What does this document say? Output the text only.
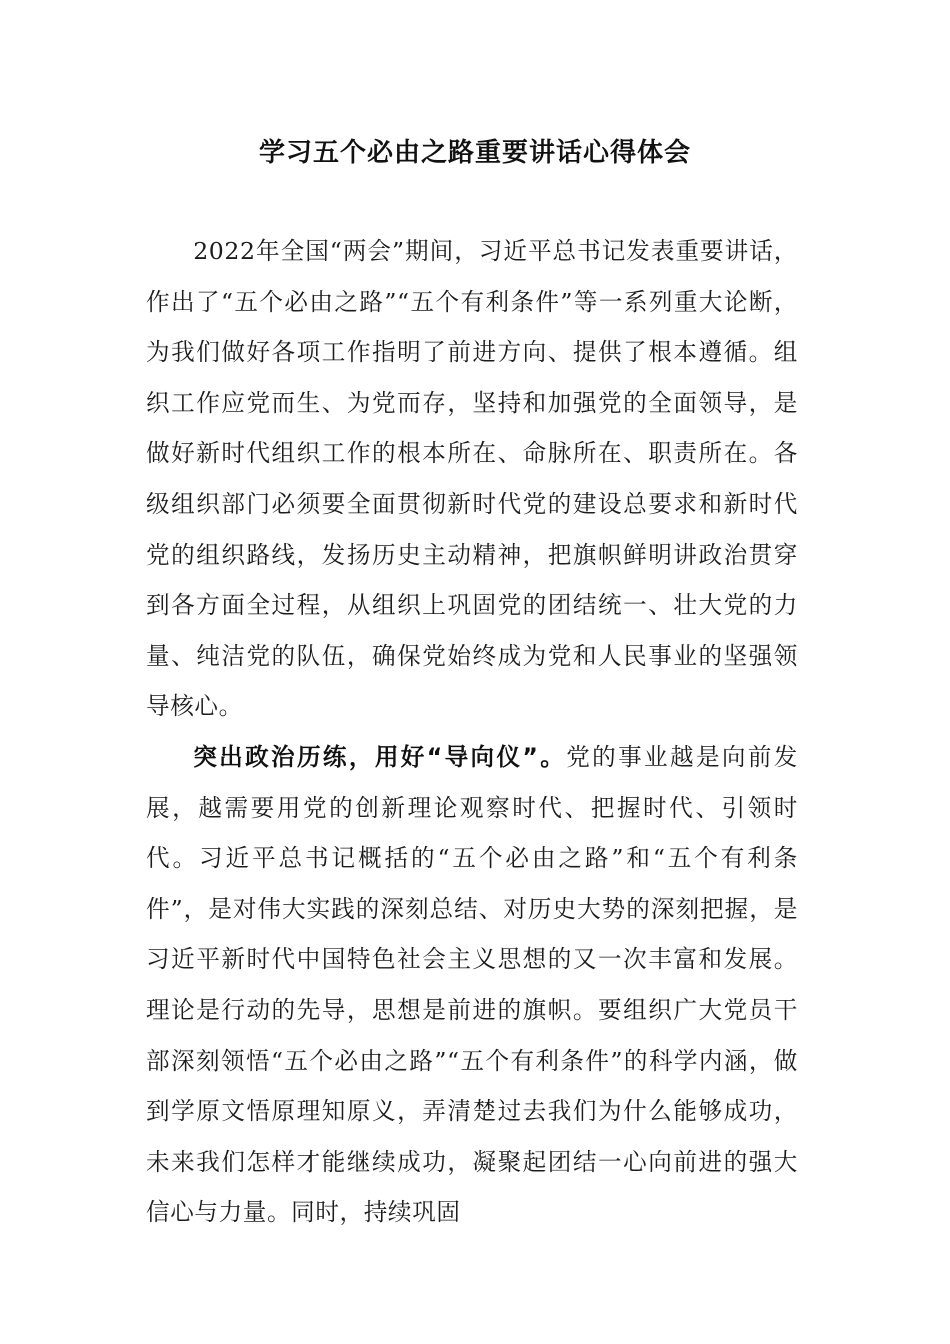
学习五个必由之路重要讲话心得体会

2022年全国“两会”期间，习近平总书记发表重要讲话，作出了“五个必由之路”“五个有利条件”等一系列重大论断，为我们做好各项工作指明了前进方向、提供了根本遵循。组织工作应党而生、为党而存，坚持和加强党的全面领导，是做好新时代组织工作的根本所在、命脉所在、职责所在。各级组织部门必须要全面贯彻新时代党的建设总要求和新时代党的组织路线，发扬历史主动精神，把旗帜鲜明讲政治贯穿到各方面全过程，从组织上巩固党的团结统一、壮大党的力量、纯洁党的队伍，确保党始终成为党和人民事业的坚强领导核心。

突出政治历练，用好“导向仪”。党的事业越是向前发展，越需要用党的创新理论观察时代、把握时代、引领时代。习近平总书记概括的“五个必由之路”和“五个有利条件”，是对伟大实践的深刻总结、对历史大势的深刻把握，是习近平新时代中国特色社会主义思想的又一次丰富和发展。理论是行动的先导，思想是前进的旗帜。要组织广大党员干部深刻领悟“五个必由之路”“五个有利条件”的科学内涵，做到学原文悟原理知原义，弄清楚过去我们为什么能够成功，未来我们怎样才能继续成功，凝聚起团结一心向前进的强大信心与力量。同时，持续巩固
